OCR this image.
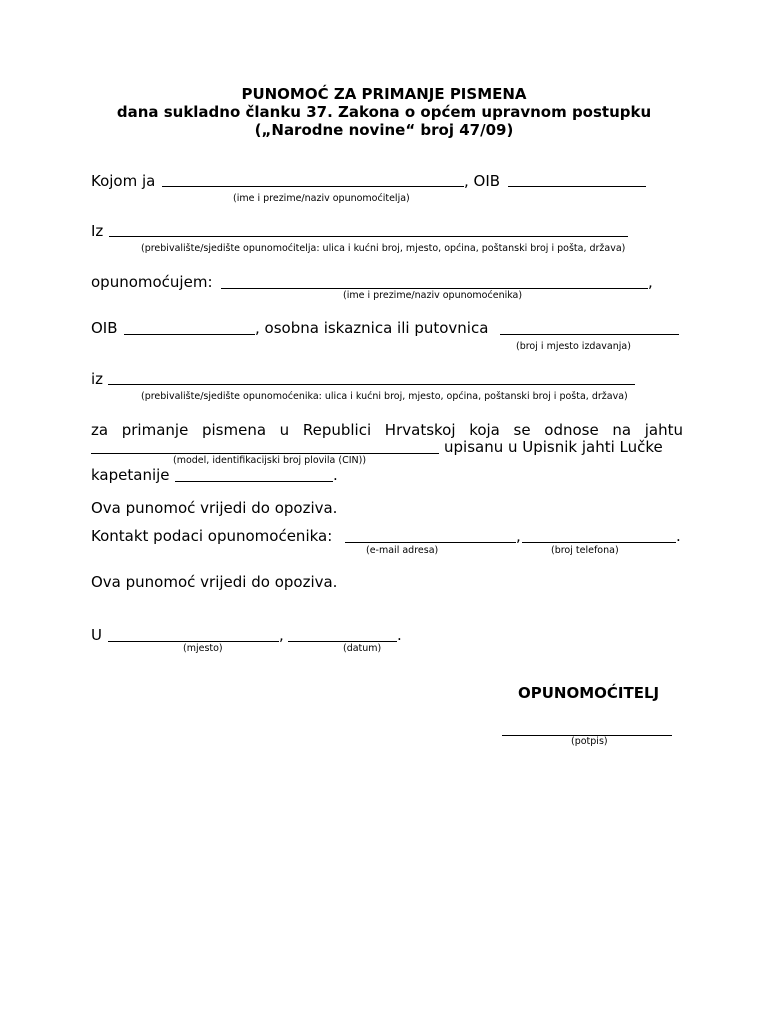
PUNOMOĆ ZA PRIMANJE PISMENA
dana sukladno članku 37. Zakona o općem upravnom postupku
(„Narodne novine“ broj 47/09)
Kojom ja	, OIB
(ime i prezime/naziv opunomoćitelja)
Iz
(prebivalište/sjedište opunomoćitelja: ulica i kućni broj, mjesto, općina, poštanski broj i pošta, država)
opunomoćujem:	,
(ime i prezime/naziv opunomoćenika)
OIB	, osobna iskaznica ili putovnica
(broj i mjesto izdavanja)
iz
(prebivalište/sjedište opunomoćenika: ulica i kućni broj, mjesto, općina, poštanski broj i pošta, država)
za primanje pismena u Republici Hrvatskoj koja se odnose na jahtu
upisanu u Upisnik jahti Lučke
(model, identifikacijski broj plovila (CIN))
kapetanije	.
Ova punomoć vrijedi do opoziva.
Kontakt podaci opunomoćenika:	,	.
(e-mail adresa)	(broj telefona)
Ova punomoć vrijedi do opoziva.
U	,	.
(mjesto)	(datum)
OPUNOMOĆITELJ
(potpis)
